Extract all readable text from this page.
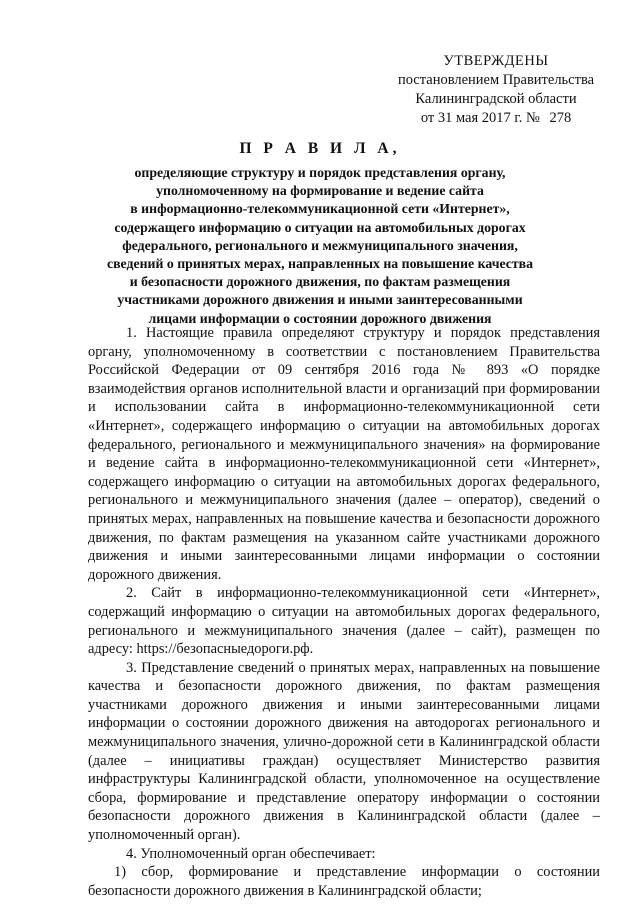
УТВЕРЖДЕНЫ
постановлением Правительства
Калининградской области
от 31 мая 2017 г. № 278
П Р А В И Л А,
определяющие структуру и порядок представления органу,
уполномоченному на формирование и ведение сайта
в информационно-телекоммуникационной сети «Интернет»,
содержащего информацию о ситуации на автомобильных дорогах
федерального, регионального и межмуниципального значения,
сведений о принятых мерах, направленных на повышение качества
и безопасности дорожного движения, по фактам размещения
участниками дорожного движения и иными заинтересованными
лицами информации о состоянии дорожного движения

1. Настоящие правила определяют структуру и порядок представления органу, уполномоченному в соответствии с постановлением Правительства Российской Федерации от 09 сентября 2016 года № 893 «О порядке взаимодействия органов исполнительной власти и организаций при формировании и использовании сайта в информационно-телекоммуникационной сети «Интернет», содержащего информацию о ситуации на автомобильных дорогах федерального, регионального и межмуниципального значения» на формирование и ведение сайта в информационно-телекоммуникационной сети «Интернет», содержащего информацию о ситуации на автомобильных дорогах федерального, регионального и межмуниципального значения (далее – оператор), сведений о принятых мерах, направленных на повышение качества и безопасности дорожного движения, по фактам размещения на указанном сайте участниками дорожного движения и иными заинтересованными лицами информации о состоянии дорожного движения.

2. Сайт в информационно-телекоммуникационной сети «Интернет», содержащий информацию о ситуации на автомобильных дорогах федерального, регионального и межмуниципального значения (далее – сайт), размещен по адресу: https://безопасныедороги.рф.

3. Представление сведений о принятых мерах, направленных на повышение качества и безопасности дорожного движения, по фактам размещения участниками дорожного движения и иными заинтересованными лицами информации о состоянии дорожного движения на автодорогах регионального и межмуниципального значения, улично-дорожной сети в Калининградской области (далее – инициативы граждан) осуществляет Министерство развития инфраструктуры Калининградской области, уполномоченное на осуществление сбора, формирование и представление оператору информации о состоянии безопасности дорожного движения в Калининградской области (далее – уполномоченный орган).

4. Уполномоченный орган обеспечивает:

1) сбор, формирование и представление информации о состоянии безопасности дорожного движения в Калининградской области;
